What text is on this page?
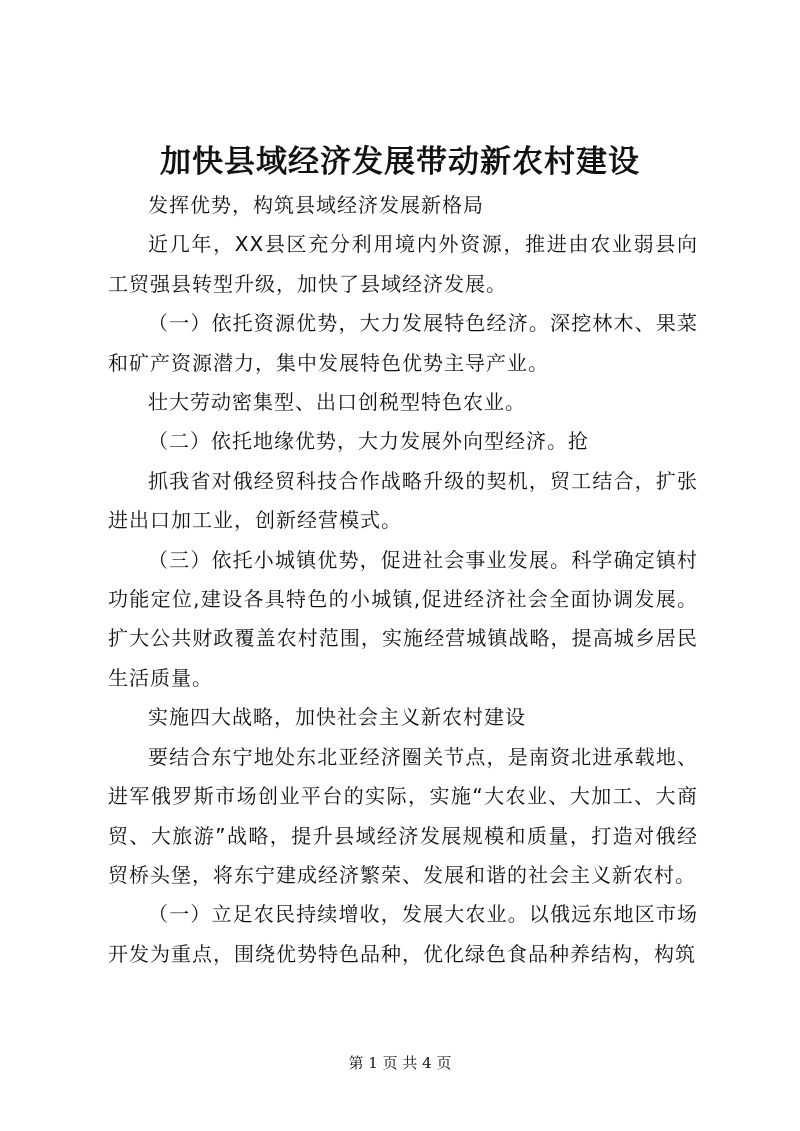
加快县域经济发展带动新农村建设

发挥优势，构筑县域经济发展新格局

近几年，XX县区充分利用境内外资源，推进由农业弱县向工贸强县转型升级，加快了县域经济发展。

（一）依托资源优势，大力发展特色经济。深挖林木、果菜和矿产资源潜力，集中发展特色优势主导产业。

壮大劳动密集型、出口创税型特色农业。

（二）依托地缘优势，大力发展外向型经济。抢

抓我省对俄经贸科技合作战略升级的契机，贸工结合，扩张进出口加工业，创新经营模式。

（三）依托小城镇优势，促进社会事业发展。科学确定镇村功能定位,建设各具特色的小城镇,促进经济社会全面协调发展。扩大公共财政覆盖农村范围，实施经营城镇战略，提高城乡居民生活质量。

实施四大战略，加快社会主义新农村建设

要结合东宁地处东北亚经济圈关节点，是南资北进承载地、进军俄罗斯市场创业平台的实际，实施“大农业、大加工、大商贸、大旅游”战略，提升县域经济发展规模和质量，打造对俄经贸桥头堡，将东宁建成经济繁荣、发展和谐的社会主义新农村。

（一）立足农民持续增收，发展大农业。以俄远东地区市场开发为重点，围绕优势特色品种，优化绿色食品种养结构，构筑

第 1 页 共 4 页
